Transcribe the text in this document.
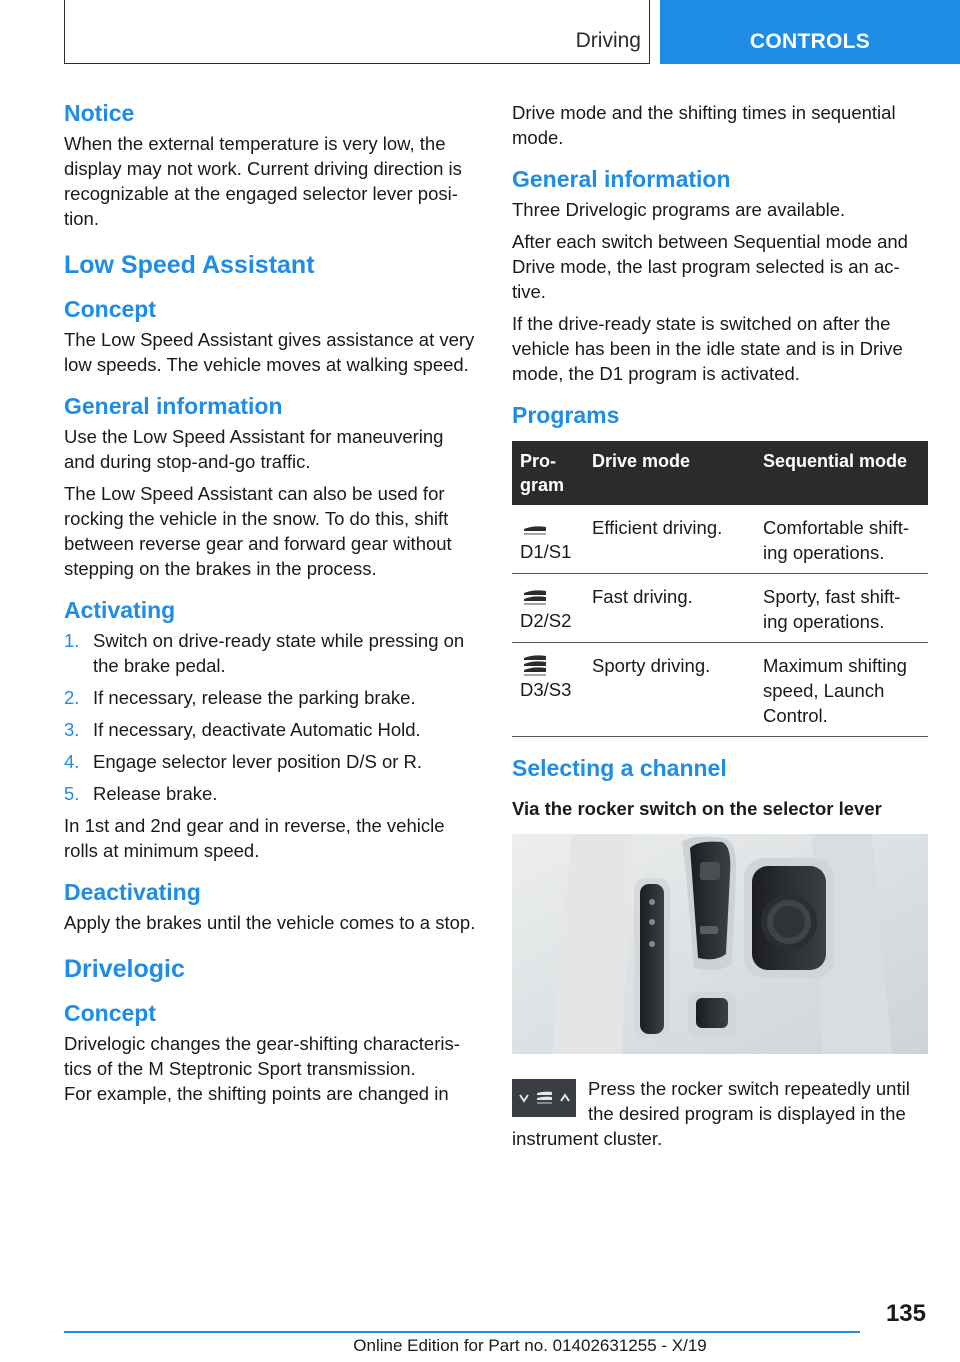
Driving	CONTROLS
Notice

When the external temperature is very low, the display may not work. Current driving direction is recognizable at the engaged selector lever posi-tion.

Low Speed Assistant
Concept

The Low Speed Assistant gives assistance at very low speeds. The vehicle moves at walking speed.

General information

Use the Low Speed Assistant for maneuvering and during stop-and-go traffic.

The Low Speed Assistant can also be used for rocking the vehicle in the snow. To do this, shift between reverse gear and forward gear without stepping on the brakes in the process.

Activating
1. Switch on drive-ready state while pressing on the brake pedal.
2. If necessary, release the parking brake.
3. If necessary, deactivate Automatic Hold.
4. Engage selector lever position D/S or R.
5. Release brake.

In 1st and 2nd gear and in reverse, the vehicle rolls at minimum speed.

Deactivating

Apply the brakes until the vehicle comes to a stop.

Drivelogic
Concept

Drivelogic changes the gear-shifting characteris-tics of the M Steptronic Sport transmission.

For example, the shifting points are changed in

Drive mode and the shifting times in sequential mode.

General information

Three Drivelogic programs are available.

After each switch between Sequential mode and Drive mode, the last program selected is an ac-tive.

If the drive-ready state is switched on after the vehicle has been in the idle state and is in Drive mode, the D1 program is activated.

Programs
Pro-gram	Drive mode	Sequential mode

D1/S1	Efficient driving.	Comfortable shift-ing operations.

D2/S2	Fast driving.	Sporty, fast shift-ing operations.

D3/S3	Sporty driving.	Maximum shifting speed, Launch Control.
Selecting a channel
Via the rocker switch on the selector lever

Press the rocker switch repeatedly until the desired program is displayed in the instrument cluster.

135
Online Edition for Part no. 01402631255 - X/19
